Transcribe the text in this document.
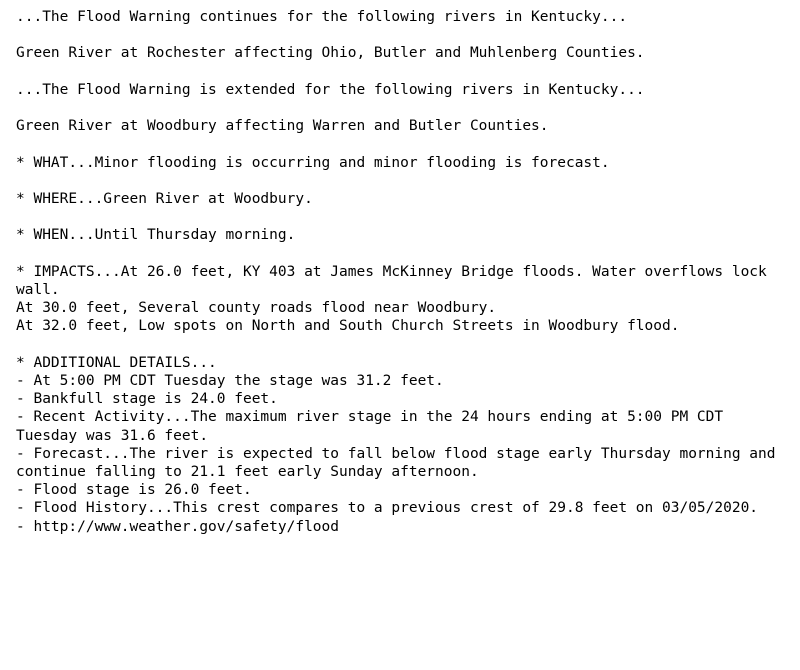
...The Flood Warning continues for the following rivers in Kentucky...
Green River at Rochester affecting Ohio, Butler and Muhlenberg Counties.
...The Flood Warning is extended for the following rivers in Kentucky...
Green River at Woodbury affecting Warren and Butler Counties.
* WHAT...Minor flooding is occurring and minor flooding is forecast.
* WHERE...Green River at Woodbury.
* WHEN...Until Thursday morning.
* IMPACTS...At 26.0 feet, KY 403 at James McKinney Bridge floods. Water overflows lock wall.
At 30.0 feet, Several county roads flood near Woodbury.
At 32.0 feet, Low spots on North and South Church Streets in Woodbury flood.
* ADDITIONAL DETAILS...
- At 5:00 PM CDT Tuesday the stage was 31.2 feet.
- Bankfull stage is 24.0 feet.
- Recent Activity...The maximum river stage in the 24 hours ending at 5:00 PM CDT Tuesday was 31.6 feet.
- Forecast...The river is expected to fall below flood stage early Thursday morning and continue falling to 21.1 feet early Sunday afternoon.
- Flood stage is 26.0 feet.
- Flood History...This crest compares to a previous crest of 29.8 feet on 03/05/2020.
- http://www.weather.gov/safety/flood
